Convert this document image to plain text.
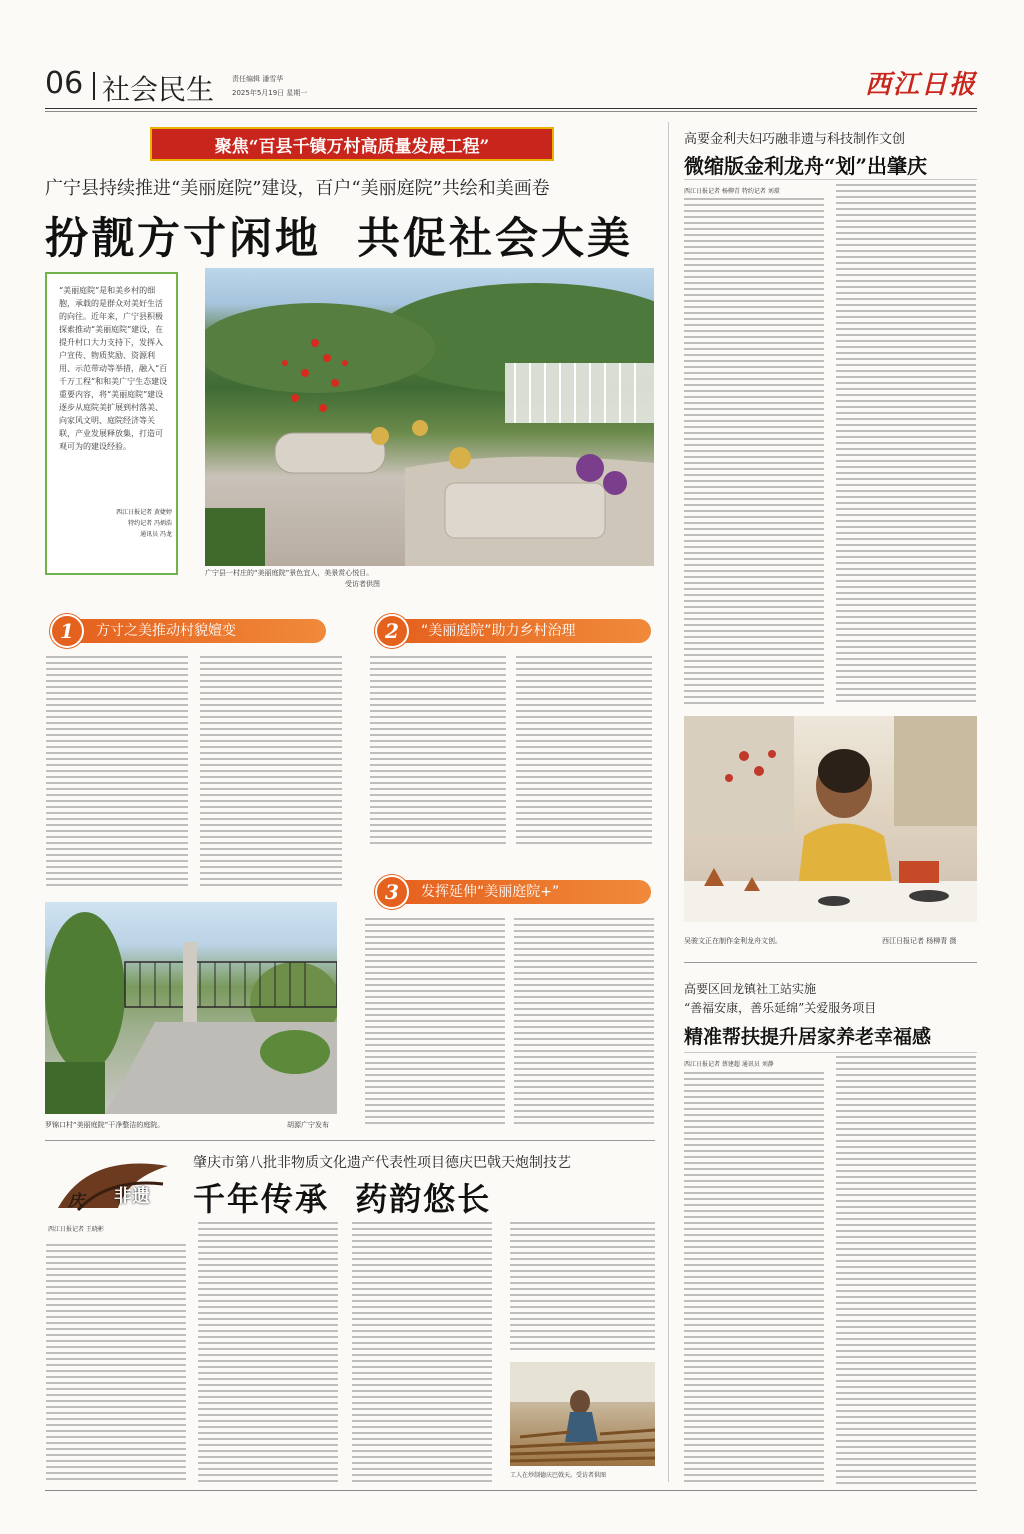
06 社会民生	责任编辑 潘雪华
2025年5月19日 星期一	西江日报
聚焦“百县千镇万村高质量发展工程”
广宁县持续推进“美丽庭院”建设，百户“美丽庭院”共绘和美画卷
扮靓方寸闲地  共促社会大美
“美丽庭院”是和美乡村的细胞，承载的是群众对美好生活的向往。近年来，广宁县积极探索推动“美丽庭院”建设，在提升村口大力支持下，发挥入户宣传、物质奖励、资源利用、示范带动等举措，融入“百千万工程”和和美广宁生态建设重要内容，将“美丽庭院”建设逐步从庭院美扩展到村落美、向家风文明、庭院经济等关联，产业发展释放集，打造可观可为的建设经验。
西江日报记者 黄婕婷
特约记者 冯炳浩
通讯员 冯龙
广宁县一村庄的“美丽庭院”景色宜人，美景赏心悦目。
受访者供图
1	方寸之美推动村貌嬗变	2	“美丽庭院”助力乡村治理
罗锦口村“美丽庭院”干净整洁的庭院。	胡源广宁发布
3	发挥延伸“美丽庭院+”
高要金利夫妇巧融非遗与科技制作文创
微缩版金利龙舟“划”出肇庆
西江日报记者 杨柳青 特约记者 刘璟
吴骏文正在制作金利龙舟文创。	西江日报记者 杨柳青 摄
高要区回龙镇社工站实施
“善福安康，善乐延绵”关爱服务项目
精准帮扶提升居家养老幸福感
西江日报记者 蔡建超 通讯员 刘静
非遗
庆
西江日报记者 王晓彬
肇庆市第八批非物质文化遗产代表性项目德庆巴戟天炮制技艺
千年传承  药韵悠长
工人在炒制德庆巴戟天。受访者供图
